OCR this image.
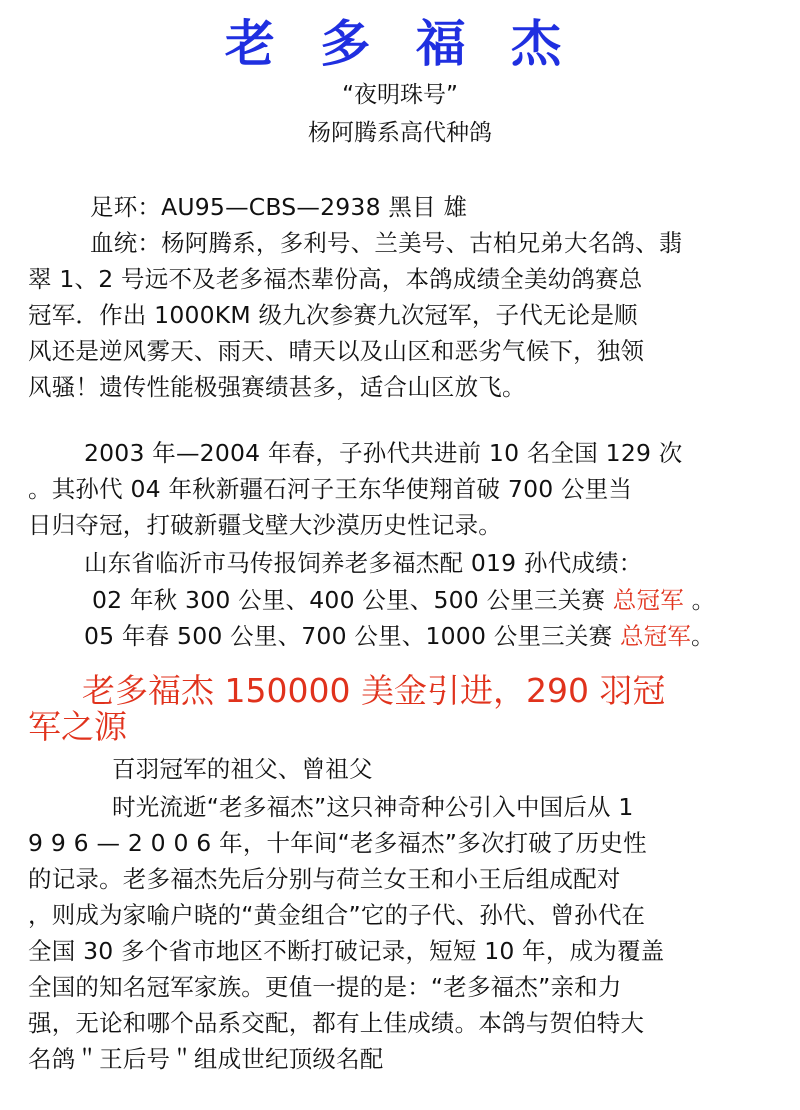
老 多 福 杰
“夜明珠号”
杨阿腾系高代种鸽
足环：AU95—CBS—2938 黑目 雄
血统：杨阿腾系，多利号、兰美号、古柏兄弟大名鸽、翡
翠 1、2 号远不及老多福杰辈份高，本鸽成绩全美幼鸽赛总
冠军．作出 1000KM 级九次参赛九次冠军，子代无论是顺
风还是逆风雾天、雨天、晴天以及山区和恶劣气候下，独领
风骚！遗传性能极强赛绩甚多，适合山区放飞。
2003 年—2004 年春，子孙代共进前 10 名全国 129 次
。其孙代 04 年秋新疆石河子王东华使翔首破 700 公里当
日归夺冠，打破新疆戈壁大沙漠历史性记录。
山东省临沂市马传报饲养老多福杰配 019 孙代成绩：
02 年秋 300 公里、400 公里、500 公里三关赛 总冠军 。
05 年春 500 公里、700 公里、1000 公里三关赛 总冠军。
老多福杰 150000 美金引进，290 羽冠
军之源
百羽冠军的祖父、曾祖父
时光流逝“老多福杰”这只神奇种公引入中国后从 1
9 9 6 — 2 0 0 6 年，十年间“老多福杰”多次打破了历史性
的记录。老多福杰先后分别与荷兰女王和小王后组成配对
，则成为家喻户晓的“黄金组合”它的子代、孙代、曾孙代在
全国 30 多个省市地区不断打破记录，短短 10 年，成为覆盖
全国的知名冠军家族。更值一提的是：“老多福杰”亲和力
强，无论和哪个品系交配，都有上佳成绩。本鸽与贺伯特大
名鸽＂王后号＂组成世纪顶级名配
